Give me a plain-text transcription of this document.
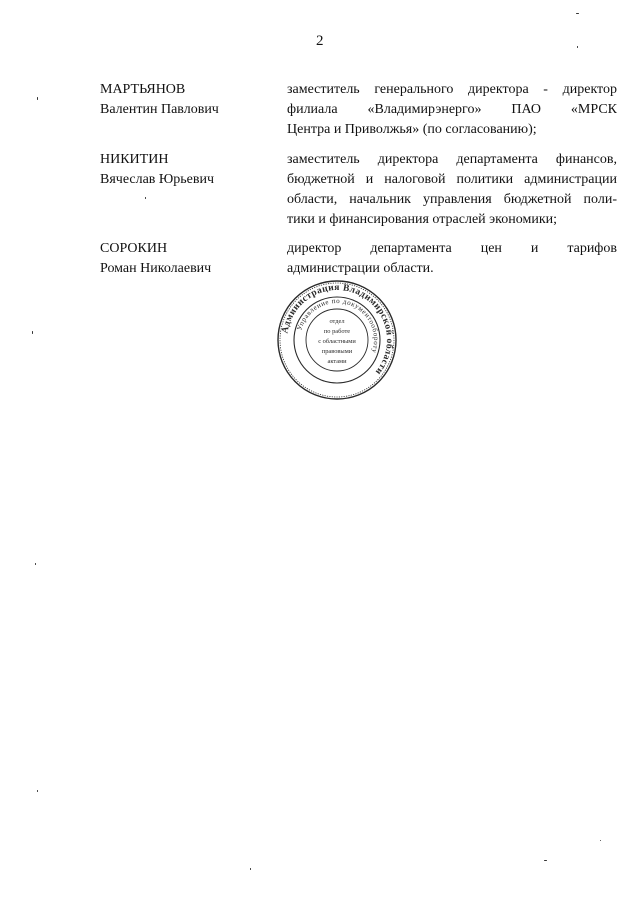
2
МАРТЬЯНОВ
Валентин Павлович
заместитель генерального директора - директор
филиала «Владимирэнерго» ПАО «МРСК
Центра и Приволжья» (по согласованию);
НИКИТИН
Вячеслав Юрьевич
заместитель директора департамента финансов,
бюджетной и налоговой политики администрации
области, начальник управления бюджетной поли-
тики и финансирования отраслей экономики;
СОРОКИН
Роман Николаевич
директор департамента цен и тарифов
администрации области.
Администрация Владимирской области
Управление по документообороту
отдел
по работе
с областными
правовыми
актами
